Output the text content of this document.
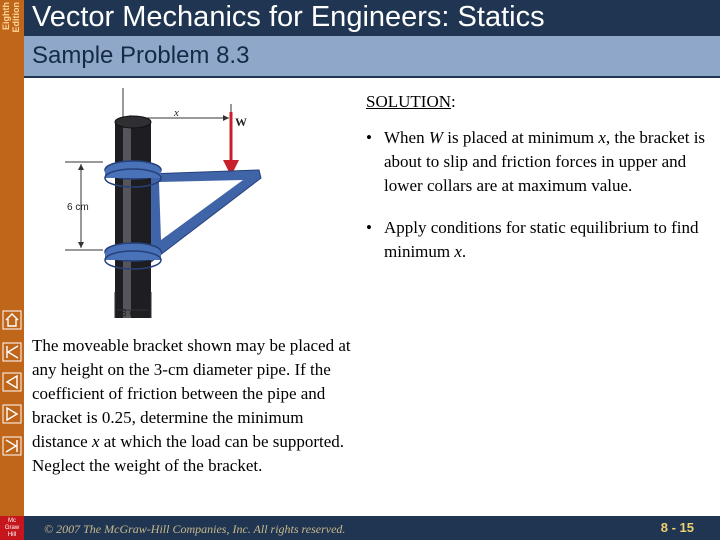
Eighth Edition
Mc
Graw
Hill
Vector Mechanics for Engineers: Statics
Sample Problem 8.3
x
W
6 cm
3 cm
SOLUTION:
• When W is placed at minimum x, the bracket is about to slip and friction forces in upper and lower collars are at maximum value.
• Apply conditions for static equilibrium to find minimum x.
The moveable bracket shown may be placed at any height on the 3-cm diameter pipe. If the coefficient of friction between the pipe and bracket is 0.25, determine the minimum distance x at which the load can be supported. Neglect the weight of the bracket.
© 2007 The McGraw-Hill Companies, Inc. All rights reserved.	8 - 15
